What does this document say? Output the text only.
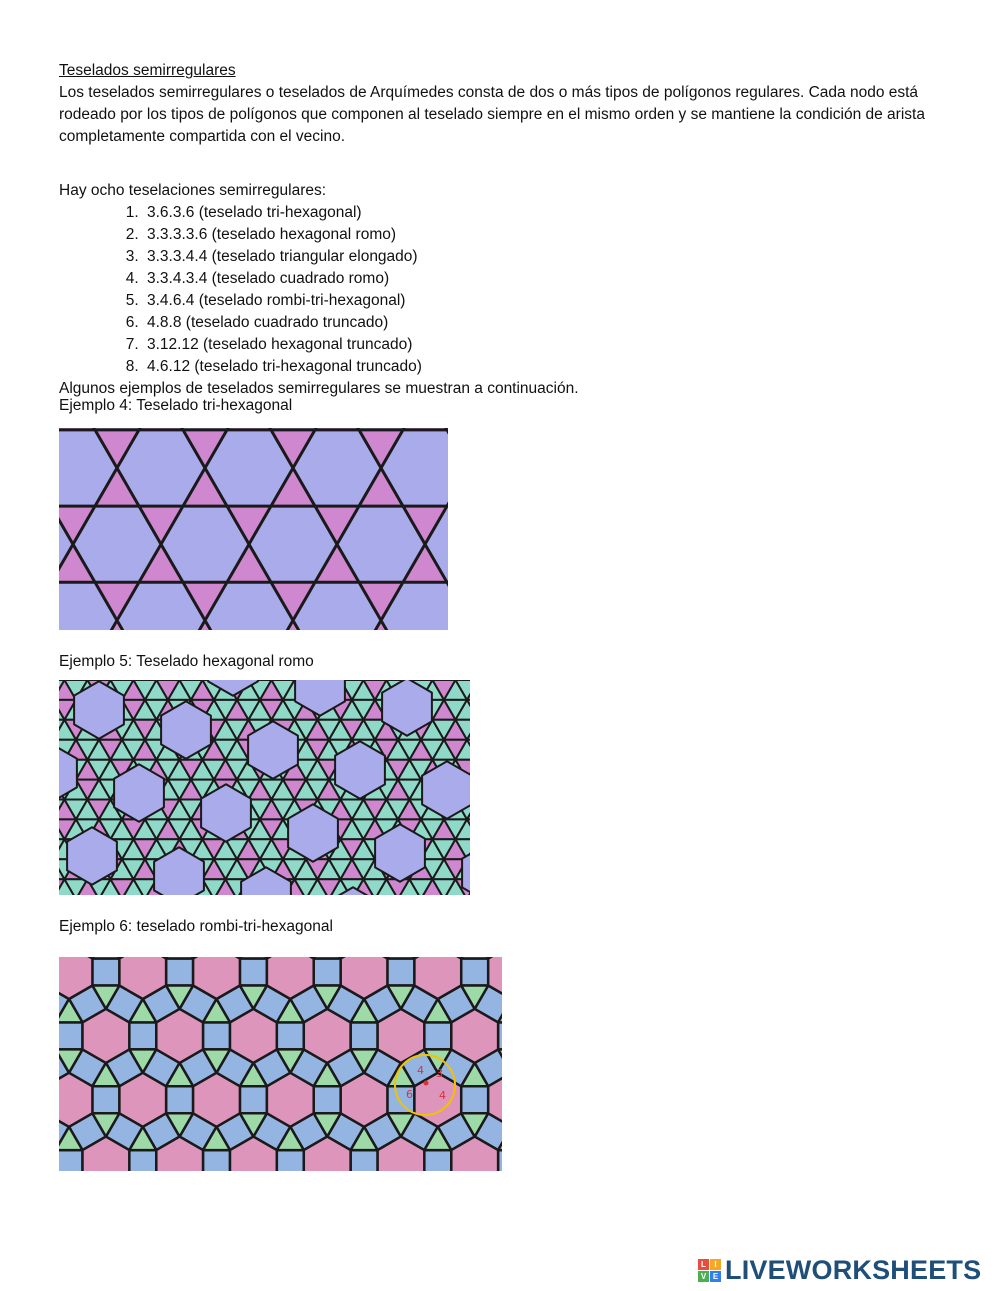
Teselados semirregulares

Los teselados semirregulares o teselados de Arquímedes consta de dos o más tipos de polígonos regulares. Cada nodo está rodeado por los tipos de polígonos que componen al teselado siempre en el mismo orden y se mantiene la condición de arista completamente compartida con el vecino.

Hay ocho teselaciones semirregulares:
1. 3.6.3.6 (teselado tri-hexagonal)
2. 3.3.3.3.6 (teselado hexagonal romo)
3. 3.3.3.4.4 (teselado triangular elongado)
4. 3.3.4.3.4 (teselado cuadrado romo)
5. 3.4.6.4 (teselado rombi-tri-hexagonal)
6. 4.8.8 (teselado cuadrado truncado)
7. 3.12.12 (teselado hexagonal truncado)
8. 4.6.12 (teselado tri-hexagonal truncado)
Algunos ejemplos de teselados semirregulares se muestran a continuación.
Ejemplo 4: Teselado tri-hexagonal
Ejemplo 5: Teselado hexagonal romo
Ejemplo 6: teselado rombi-tri-hexagonal
4 3
6 4
L	I
V E LIVEWORKSHEETS
